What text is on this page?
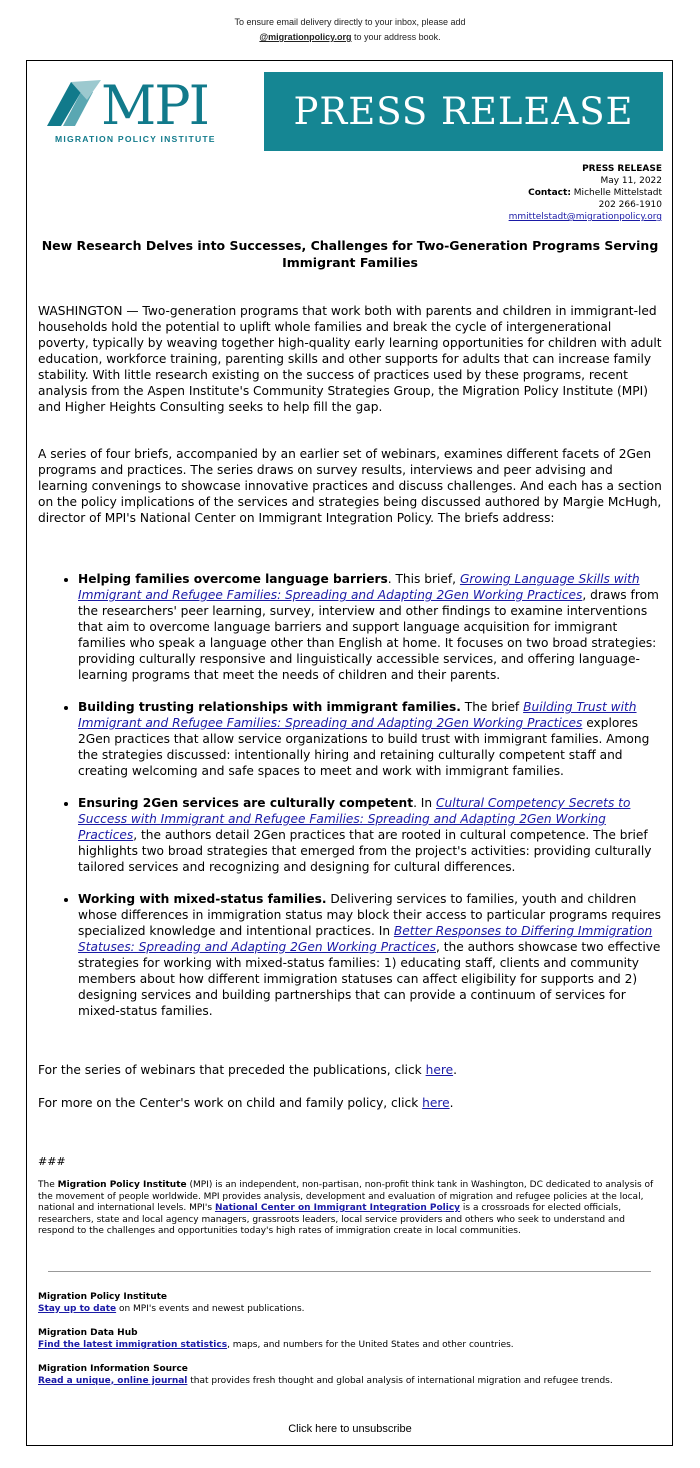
To ensure email delivery directly to your inbox, please add
@migrationpolicy.org to your address book.
MPI
MIGRATION POLICY INSTITUTE
PRESS RELEASE
PRESS RELEASE
May 11, 2022
Contact: Michelle Mittelstadt
202 266-1910
mmittelstadt@migrationpolicy.org
New Research Delves into Successes, Challenges for Two-Generation Programs Serving Immigrant Families
WASHINGTON — Two-generation programs that work both with parents and children in immigrant-led households hold the potential to uplift whole families and break the cycle of intergenerational poverty, typically by weaving together high-quality early learning opportunities for children with adult education, workforce training, parenting skills and other supports for adults that can increase family stability. With little research existing on the success of practices used by these programs, recent analysis from the Aspen Institute's Community Strategies Group, the Migration Policy Institute (MPI) and Higher Heights Consulting seeks to help fill the gap.
A series of four briefs, accompanied by an earlier set of webinars, examines different facets of 2Gen programs and practices. The series draws on survey results, interviews and peer advising and learning convenings to showcase innovative practices and discuss challenges. And each has a section on the policy implications of the services and strategies being discussed authored by Margie McHugh, director of MPI's National Center on Immigrant Integration Policy. The briefs address:
• Helping families overcome language barriers. This brief, Growing Language Skills with Immigrant and Refugee Families: Spreading and Adapting 2Gen Working Practices, draws from the researchers' peer learning, survey, interview and other findings to examine interventions that aim to overcome language barriers and support language acquisition for immigrant families who speak a language other than English at home. It focuses on two broad strategies: providing culturally responsive and linguistically accessible services, and offering language-learning programs that meet the needs of children and their parents.
• Building trusting relationships with immigrant families. The brief Building Trust with Immigrant and Refugee Families: Spreading and Adapting 2Gen Working Practices explores 2Gen practices that allow service organizations to build trust with immigrant families. Among the strategies discussed: intentionally hiring and retaining culturally competent staff and creating welcoming and safe spaces to meet and work with immigrant families.
• Ensuring 2Gen services are culturally competent. In Cultural Competency Secrets to Success with Immigrant and Refugee Families: Spreading and Adapting 2Gen Working Practices, the authors detail 2Gen practices that are rooted in cultural competence. The brief highlights two broad strategies that emerged from the project's activities: providing culturally tailored services and recognizing and designing for cultural differences.
• Working with mixed-status families. Delivering services to families, youth and children whose differences in immigration status may block their access to particular programs requires specialized knowledge and intentional practices. In Better Responses to Differing Immigration Statuses: Spreading and Adapting 2Gen Working Practices, the authors showcase two effective strategies for working with mixed-status families: 1) educating staff, clients and community members about how different immigration statuses can affect eligibility for supports and 2) designing services and building partnerships that can provide a continuum of services for mixed-status families.
For the series of webinars that preceded the publications, click here.
For more on the Center's work on child and family policy, click here.
###
The Migration Policy Institute (MPI) is an independent, non-partisan, non-profit think tank in Washington, DC dedicated to analysis of the movement of people worldwide. MPI provides analysis, development and evaluation of migration and refugee policies at the local, national and international levels. MPI's National Center on Immigrant Integration Policy is a crossroads for elected officials, researchers, state and local agency managers, grassroots leaders, local service providers and others who seek to understand and respond to the challenges and opportunities today's high rates of immigration create in local communities.
Migration Policy Institute
Stay up to date on MPI's events and newest publications.
Migration Data Hub
Find the latest immigration statistics, maps, and numbers for the United States and other countries.
Migration Information Source
Read a unique, online journal that provides fresh thought and global analysis of international migration and refugee trends.
Click here to unsubscribe
